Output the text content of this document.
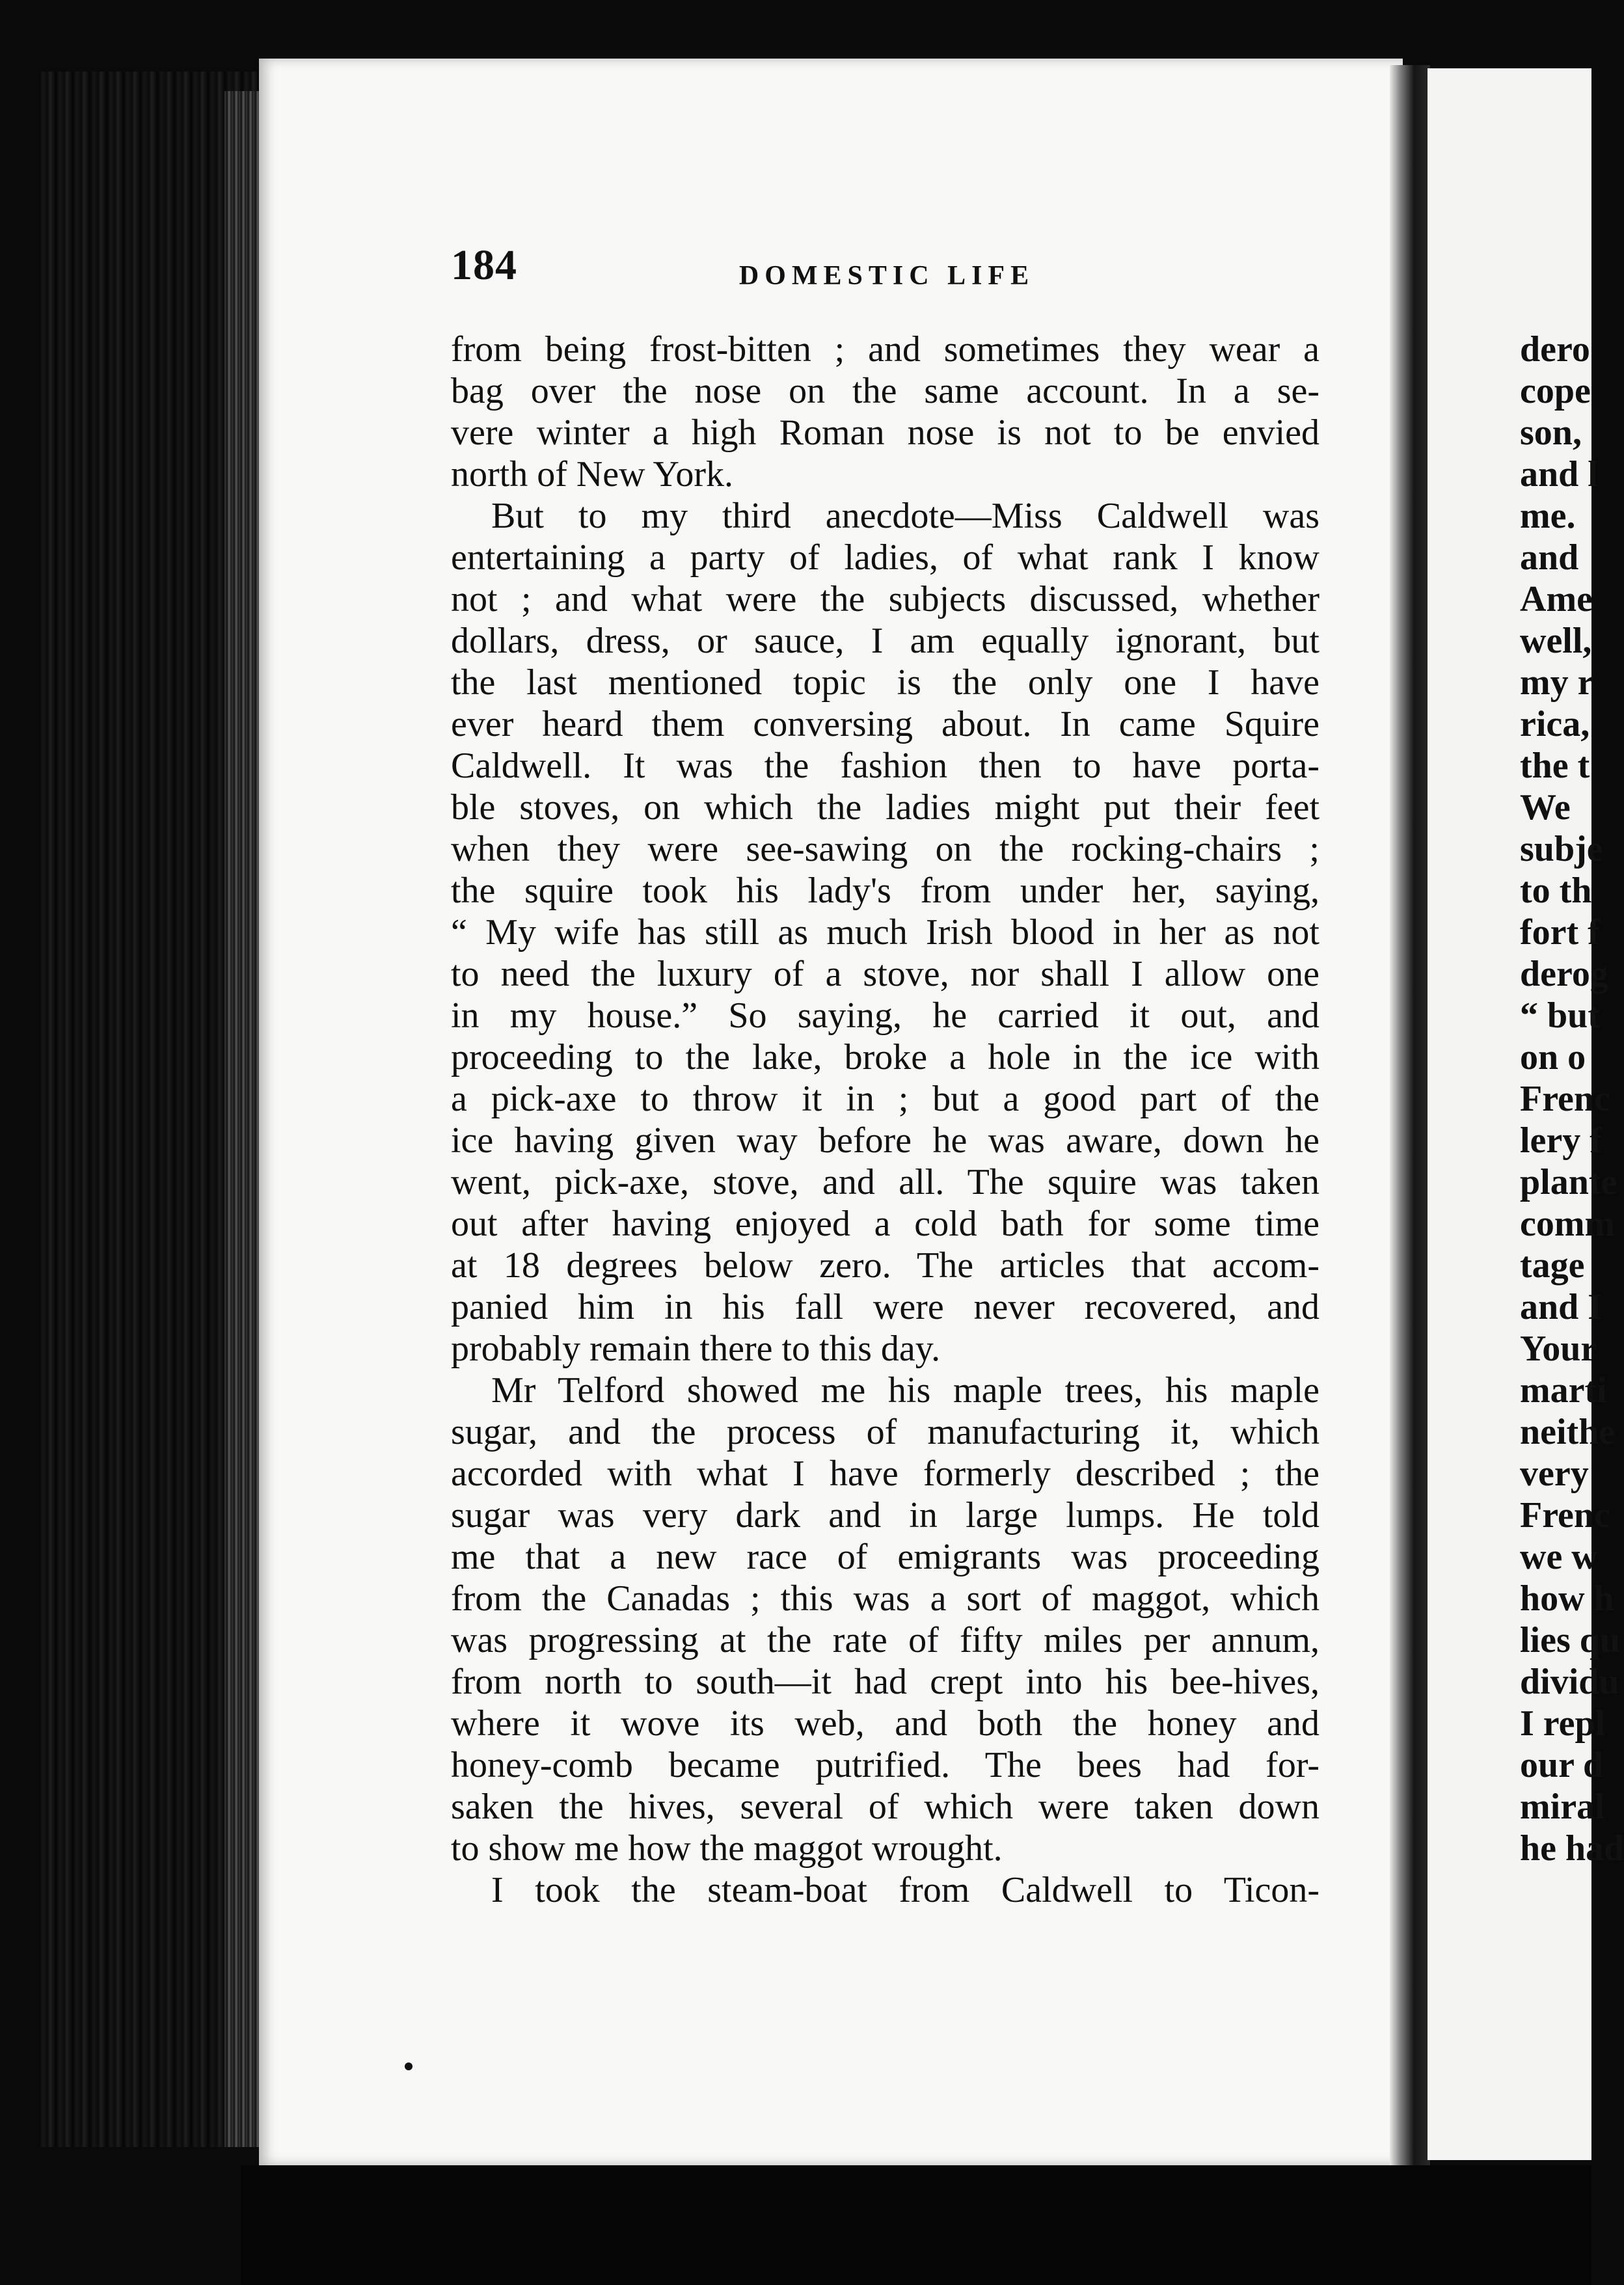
184	DOMESTIC LIFE
from being frost-bitten ; and sometimes they wear a
bag over the nose on the same account. In a se-
vere winter a high Roman nose is not to be envied
north of New York.
But to my third anecdote—Miss Caldwell was
entertaining a party of ladies, of what rank I know
not ; and what were the subjects discussed, whether
dollars, dress, or sauce, I am equally ignorant, but
the last mentioned topic is the only one I have
ever heard them conversing about. In came Squire
Caldwell. It was the fashion then to have porta-
ble stoves, on which the ladies might put their feet
when they were see-sawing on the rocking-chairs ;
the squire took his lady's from under her, saying,
“ My wife has still as much Irish blood in her as not
to need the luxury of a stove, nor shall I allow one
in my house.” So saying, he carried it out, and
proceeding to the lake, broke a hole in the ice with
a pick-axe to throw it in ; but a good part of the
ice having given way before he was aware, down he
went, pick-axe, stove, and all. The squire was taken
out after having enjoyed a cold bath for some time
at 18 degrees below zero. The articles that accom-
panied him in his fall were never recovered, and
probably remain there to this day.
Mr Telford showed me his maple trees, his maple
sugar, and the process of manufacturing it, which
accorded with what I have formerly described ; the
sugar was very dark and in large lumps. He told
me that a new race of emigrants was proceeding
from the Canadas ; this was a sort of maggot, which
was progressing at the rate of fifty miles per annum,
from north to south—it had crept into his bee-hives,
where it wove its web, and both the honey and
honey-comb became putrified. The bees had for-
saken the hives, several of which were taken down
to show me how the maggot wrought.
I took the steam-boat from Caldwell to Ticon-
dero
cope
son,
and l
me.
and
Ame
well,
my r
rica,
the t
We
subje
to th
fort f
derog
“ but
on o
Frenc
lery f
plante
comm
tage
and I
Your
marti
neithe
very
Frenc
we w
how h
lies qu
dividu
I repl
our d
miral
he had
